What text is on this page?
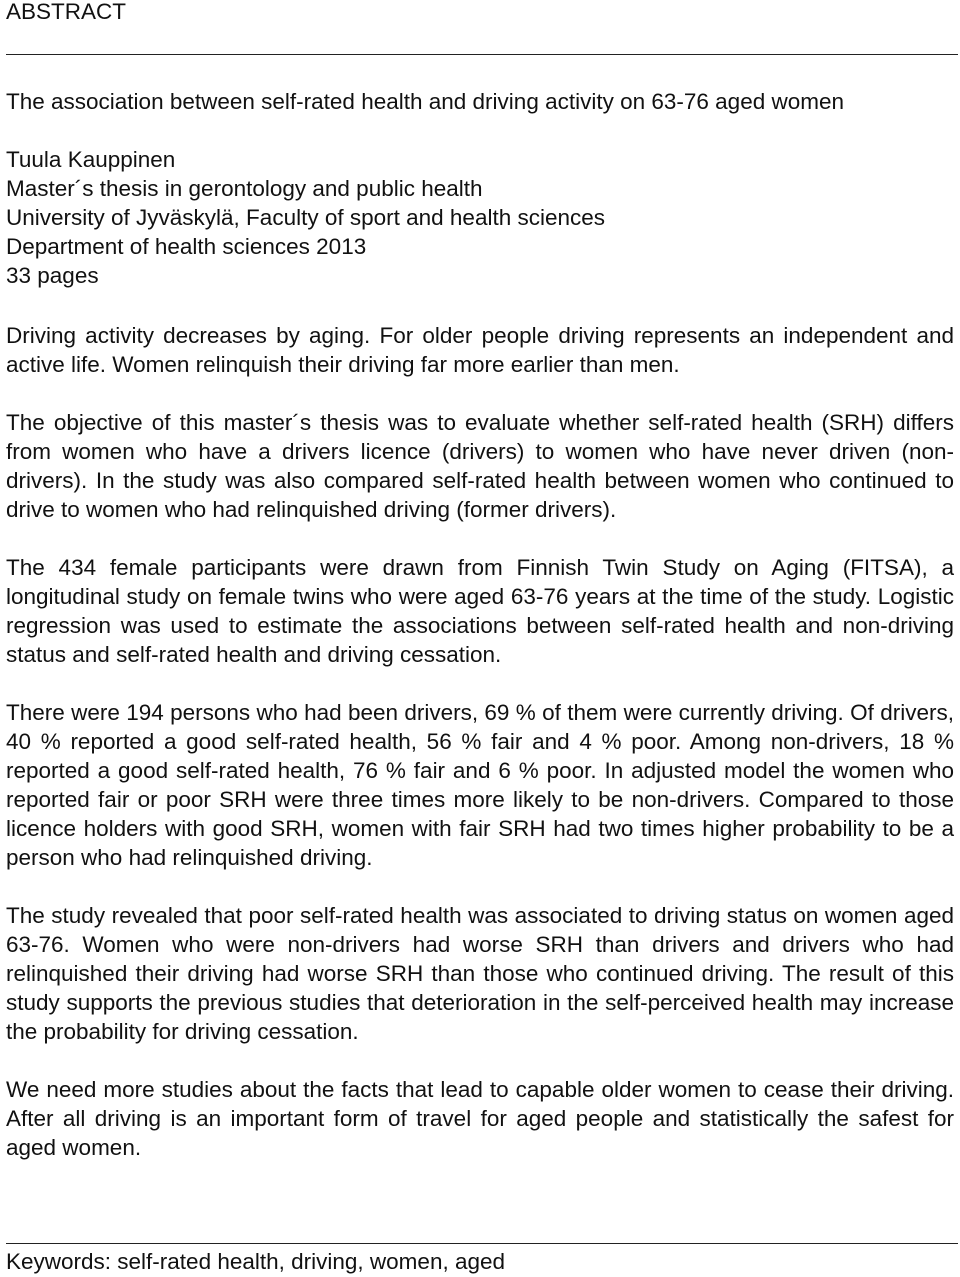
ABSTRACT
The association between self-rated health and driving activity on 63-76 aged women
Tuula Kauppinen
Master´s thesis in gerontology and public health
University of Jyväskylä, Faculty of sport and health sciences
Department of health sciences 2013
33 pages

Driving activity decreases by aging. For older people driving represents an independent and active life. Women relinquish their driving far more earlier than men.

The objective of this master´s thesis was to evaluate whether self-rated health (SRH) differs from women who have a drivers licence (drivers) to women who have never driven (non-drivers). In the study was also compared self-rated health between women who continued to drive to women who had relinquished driving (former drivers).

The 434 female participants were drawn from Finnish Twin Study on Aging (FITSA), a longitudinal study on female twins who were aged 63-76 years at the time of the study. Logistic regression was used to estimate the associations between self-rated health and non-driving status and self-rated health and driving cessation.

There were 194 persons who had been drivers, 69 % of them were currently driving. Of drivers, 40 % reported a good self-rated health, 56 % fair and 4 % poor. Among non-drivers, 18 % reported a good self-rated health, 76 % fair and 6 % poor. In adjusted model the women who reported fair or poor SRH were three times more likely to be non-drivers. Compared to those licence holders with good SRH, women with fair SRH had two times higher probability to be a person who had relinquished driving.

The study revealed that poor self-rated health was associated to driving status on women aged 63-76. Women who were non-drivers had worse SRH than drivers and drivers who had relinquished their driving had worse SRH than those who continued driving. The result of this study supports the previous studies that deterioration in the self-perceived health may increase the probability for driving cessation.

We need more studies about the facts that lead to capable older women to cease their driving. After all driving is an important form of travel for aged people and statistically the safest for aged women.

Keywords: self-rated health, driving, women, aged
